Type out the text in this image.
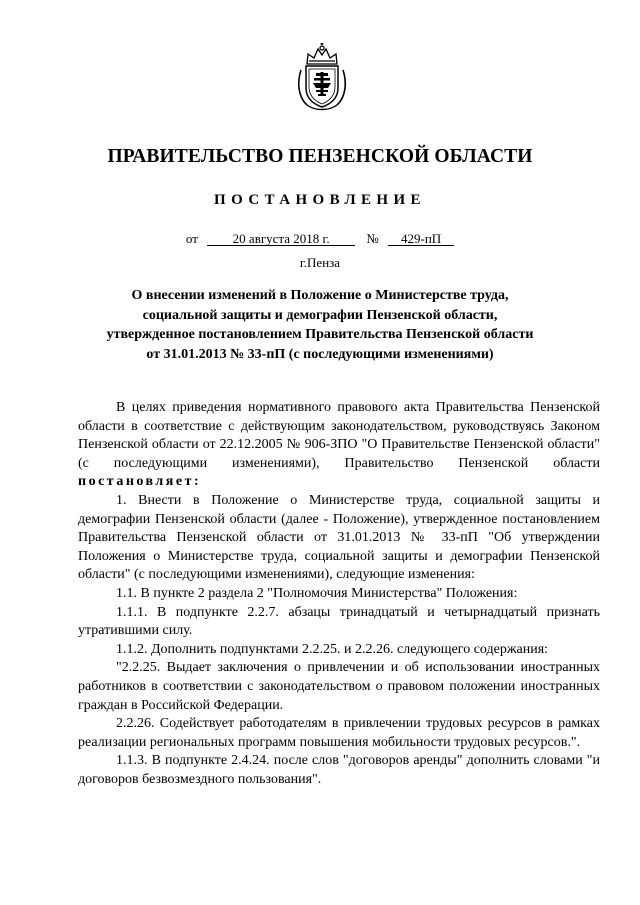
ПРАВИТЕЛЬСТВО ПЕНЗЕНСКОЙ ОБЛАСТИ
ПОСТАНОВЛЕНИЕ
от	20 августа 2018 г.	№ 429-пП
г.Пенза
О внесении изменений в Положение о Министерстве труда,
социальной защиты и демографии Пензенской области,
утвержденное постановлением Правительства Пензенской области
от 31.01.2013 № 33-пП (с последующими изменениями)

В целях приведения нормативного правового акта Правительства Пензенской области в соответствие с действующим законодательством, руководствуясь Законом Пензенской области от 22.12.2005 № 906-ЗПО "О Правительстве Пензенской области" (с последующими изменениями), Правительство Пензенской области постановляет:

1. Внести в Положение о Министерстве труда, социальной защиты и демографии Пензенской области (далее - Положение), утвержденное постановлением Правительства Пензенской области от 31.01.2013 № 33-пП "Об утверждении Положения о Министерстве труда, социальной защиты и демографии Пензенской области" (с последующими изменениями), следующие изменения:

1.1. В пункте 2 раздела 2 "Полномочия Министерства" Положения:

1.1.1. В подпункте 2.2.7. абзацы тринадцатый и четырнадцатый признать утратившими силу.

1.1.2. Дополнить подпунктами 2.2.25. и 2.2.26. следующего содержания:

"2.2.25. Выдает заключения о привлечении и об использовании иностранных работников в соответствии с законодательством о правовом положении иностранных граждан в Российской Федерации.

2.2.26. Содействует работодателям в привлечении трудовых ресурсов в рамках реализации региональных программ повышения мобильности трудовых ресурсов.".

1.1.3. В подпункте 2.4.24. после слов "договоров аренды" дополнить словами "и договоров безвозмездного пользования".
